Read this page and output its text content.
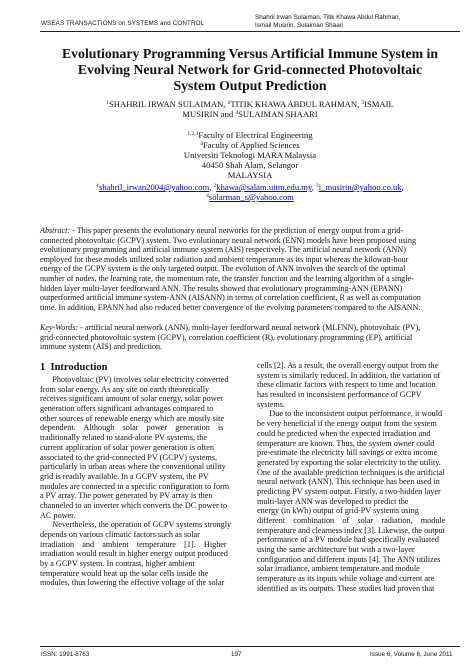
WSEAS TRANSACTIONS on SYSTEMS and CONTROL
Shahril Irwan Sulaiman, Titik Khawa Abdul Rahman,
Ismail Musirin, Sulaiman Shaari
Evolutionary Programming Versus Artificial Immune System in
Evolving Neural Network for Grid-connected Photovoltaic
System Output Prediction
$^1$SHAHRIL IRWAN SULAIMAN, $^2$TITIK KHAWA ABDUL RAHMAN, $^3$ISMAIL
MUSIRIN and $^4$SULAIMAN SHAARI
$^{1,2,3}$Faculty of Electrical Engineering
$^4$Faculty of Applied Sciences
Universiti Teknologi MARA Malaysia
40450 Shah Alam, Selangor
MALAYSIA
$^1$shahril_irwan2004@yahoo.com, $^2$khawa@salam.uitm.edu.my, $^3$i_musirin@yahoo.co.uk,
$^4$solarman_s@yahoo.com
Abstract: - This paper presents the evolutionary neural networks for the prediction of energy output from a grid-
connected photovoltaic (GCPV) system. Two evolutionary neural network (ENN) models have been proposed using
evolutionary programming and artificial immune system (AIS) respectively. The artificial neural network (ANN)
employed for these models utilized solar radiation and ambient temperature as its input whereas the kilowatt-hour
energy of the GCPV system is the only targeted output. The evolution of ANN involves the search of the optimal
number of nodes, the learning rate, the momentum rate, the transfer function and the learning algorithm of a single-
hidden layer multi-layer feedforward ANN. The results showed that evolutionary programming-ANN (EPANN)
outperformed artificial immune system-ANN (AISANN) in terms of correlation coefficient, R as well as computation
time. In addition, EPANN had also reduced better convergence of the evolving parameters compared to the AISANN.
Key-Words: - artificial neural network (ANN), multi-layer feedforward neural network (MLFNN), photovoltaic (PV),
grid-connected photovoltaic system (GCPV), correlation coefficient (R), evolutionary programming (EP), artificial
immune system (AIS) and prediction.
1 Introduction
Photovoltaic (PV) involves solar electricity converted
from solar energy. As any site on earth theoretically
receives significant amount of solar energy, solar power
generation offers significant advantages compared to
other sources of renewable energy which are mostly site
dependent.    Although    solar    power    generation    is
traditionally related to stand-alone PV systems, the
current application of solar power generation is often
associated to the grid-connected PV (GCPV) systems,
particularly in urban areas where the conventional utility
grid is readily available. In a GCPV system, the PV
modules are connected in a specific configuration to form
a PV array. The power generated by PV array is then
channeled to an inverter which converts the DC power to
AC power.
Nevertheless, the operation of GCPV systems strongly
depends on various climatic factors such as solar
irradiation    and    ambient    temperature    [1].    Higher
irradiation would result in higher energy output produced
by a GCPV system. In contrast, higher ambient
temperature would heat up the solar cells inside the
modules, thus lowering the effective voltage of the solar
cells [2]. As a result, the overall energy output from the
system is similarly reduced. In addition, the variation of
these climatic factors with respect to time and location
has resulted in inconsistent performance of GCPV
systems.
Due to the inconsistent output performance, it would
be very beneficial if the energy output from the system
could be predicted when the expected irradiation and
temperature are known. Thus, the system owner could
pre-estimate the electricity bill savings or extra income
generated by exporting the solar electricity to the utility.
One of the available prediction techniques is the artificial
neural network (ANN). This technique has been used in
predicting PV system output. Firstly, a two-hidden layer
multi-layer ANN was developed to predict the
energy (in kWh) output of grid-PV systems using
different    combination    of    solar    radiation,    module
temperature and clearness index [3]. Likewise, the output
performance of a PV module had specifically evaluated
using the same architecture but with a two-layer
configuration and different inputs [4]. The ANN utilizes
solar irradiance, ambient temperature and module
temperature as its inputs while voltage and current are
identified as its outputs. These studies had proven that
ISSN: 1991-8763	197	Issue 6, Volume 6, June 2011
